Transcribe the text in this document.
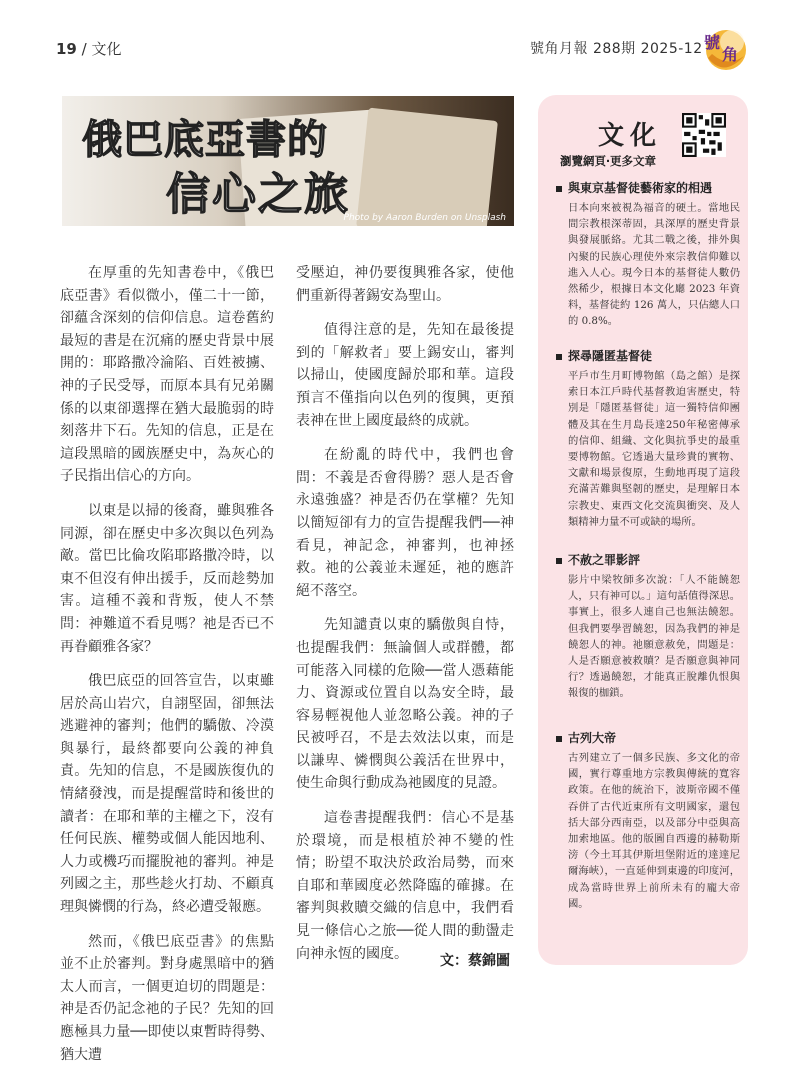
19 / 文化	號角月報 288期 2025-12 號
角
俄巴底亞書的
信心之旅
Photo by Aaron Burden on Unsplash

在厚重的先知書卷中，《俄巴底亞書》看似微小，僅二十一節，卻蘊含深刻的信仰信息。這卷舊約最短的書是在沉痛的歷史背景中展開的：耶路撒冷淪陷、百姓被擄、神的子民受辱，而原本具有兄弟關係的以東卻選擇在猶大最脆弱的時刻落井下石。先知的信息，正是在這段黑暗的國族歷史中，為灰心的子民指出信心的方向。

以東是以掃的後裔，雖與雅各同源，卻在歷史中多次與以色列為敵。當巴比倫攻陷耶路撒冷時，以東不但沒有伸出援手，反而趁勢加害。這種不義和背叛，使人不禁問：神難道不看見嗎？祂是否已不再眷顧雅各家？

俄巴底亞的回答宣告，以東雖居於高山岩穴，自詡堅固，卻無法逃避神的審判；他們的驕傲、冷漠與暴行，最終都要向公義的神負責。先知的信息，不是國族復仇的情緒發洩，而是提醒當時和後世的讀者：在耶和華的主權之下，沒有任何民族、權勢或個人能因地利、人力或機巧而擺脫祂的審判。神是列國之主，那些趁火打劫、不顧真理與憐憫的行為，終必遭受報應。

然而，《俄巴底亞書》的焦點並不止於審判。對身處黑暗中的猶太人而言，一個更迫切的問題是：神是否仍記念祂的子民？先知的回應極具力量──即使以東暫時得勢、猶大遭

受壓迫，神仍要復興雅各家，使他們重新得著錫安為聖山。

值得注意的是，先知在最後提到的「解救者」要上錫安山，審判以掃山，使國度歸於耶和華。這段預言不僅指向以色列的復興，更預表神在世上國度最終的成就。

在紛亂的時代中，我們也會問：不義是否會得勝？惡人是否會永遠強盛？神是否仍在掌權？先知以簡短卻有力的宣告提醒我們──神看見，神記念，神審判，也神拯救。祂的公義並未遲延，祂的應許絕不落空。

先知譴責以東的驕傲與自恃，也提醒我們：無論個人或群體，都可能落入同樣的危險──當人憑藉能力、資源或位置自以為安全時，最容易輕視他人並忽略公義。神的子民被呼召，不是去效法以東，而是以謙卑、憐憫與公義活在世界中，使生命與行動成為祂國度的見證。

這卷書提醒我們：信心不是基於環境，而是根植於神不變的性情；盼望不取決於政治局勢，而來自耶和華國度必然降臨的確據。在審判與救贖交織的信息中，我們看見一條信心之旅──從人間的動盪走向神永恆的國度。	文：蔡錦圖
文化
瀏覽網頁‧更多文章
與東京基督徒藝術家的相遇

日本向來被視為福音的硬土。當地民間宗教根深蒂固，具深厚的歷史背景與發展脈絡。尤其二戰之後，排外與內聚的民族心理使外來宗教信仰難以進入人心。現今日本的基督徒人數仍然稀少，根據日本文化廳 2023 年資料，基督徒約 126 萬人，只佔總人口的 0.8%。

探尋隱匿基督徒

平戶市生月町博物館（島之館）是探索日本江戶時代基督教迫害歷史，特別是「隱匿基督徒」這一獨特信仰團體及其在生月島長達250年秘密傳承的信仰、組織、文化與抗爭史的最重要博物館。它透過大量珍貴的實物、文獻和場景復原，生動地再現了這段充滿苦難與堅韌的歷史，是理解日本宗教史、東西文化交流與衝突、及人類精神力量不可或缺的場所。

不赦之罪影評

影片中梁牧師多次說：「人不能饒恕人，只有神可以。」這句話值得深思。事實上，很多人連自己也無法饒恕。但我們要學習饒恕，因為我們的神是饒恕人的神。祂願意赦免，問題是：人是否願意被救贖？是否願意與神同行？透過饒恕，才能真正脫離仇恨與報復的枷鎖。

古列大帝

古列建立了一個多民族、多文化的帝國，實行尊重地方宗教與傳統的寬容政策。在他的統治下，波斯帝國不僅吞併了古代近東所有文明國家，還包括大部分西南亞，以及部分中亞與高加索地區。他的版圖自西邊的赫勒斯滂（今土耳其伊斯坦堡附近的達達尼爾海峽），一直延伸到東邊的印度河，成為當時世界上前所未有的龐大帝國。
